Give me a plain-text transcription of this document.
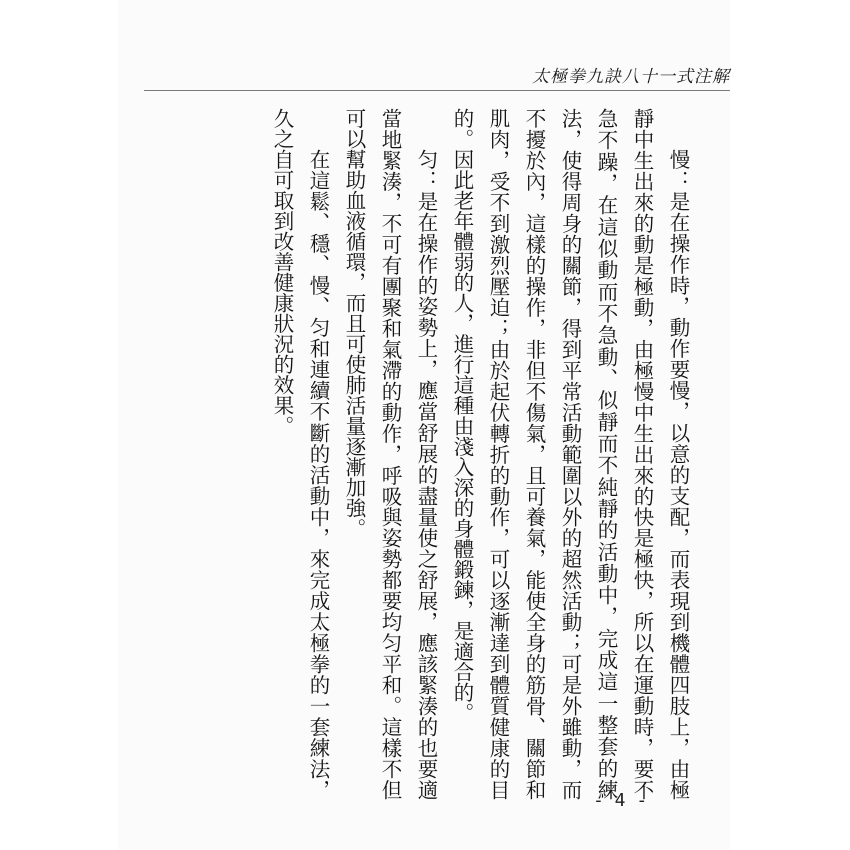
太極拳九訣八十一式注解

慢：是在操作時，動作要慢，以意的支配，而表現到機體四肢上，由極靜中生出來的動是極動，由極慢中生出來的快是極快，所以在運動時，要不急不躁，在這似動而不急動、似靜而不純靜的活動中，完成這一整套的練法，使得周身的關節，得到平常活動範圍以外的超然活動；可是外雖動，而不擾於內，這樣的操作，非但不傷氣，且可養氣，能使全身的筋骨、關節和肌肉，受不到激烈壓迫；由於起伏轉折的動作，可以逐漸達到體質健康的目的。因此老年體弱的人，進行這種由淺入深的身體鍛鍊，是適合的。

匀：是在操作的姿勢上，應當舒展的盡量使之舒展，應該緊湊的也要適當地緊湊，不可有團聚和氣滯的動作，呼吸與姿勢都要均匀平和。這樣不但可以幫助血液循環，而且可使肺活量逐漸加強。

在這鬆、穩、慢、匀和連續不斷的活動中，來完成太極拳的一套練法，久之自可取到改善健康狀況的效果。

- 4 -
